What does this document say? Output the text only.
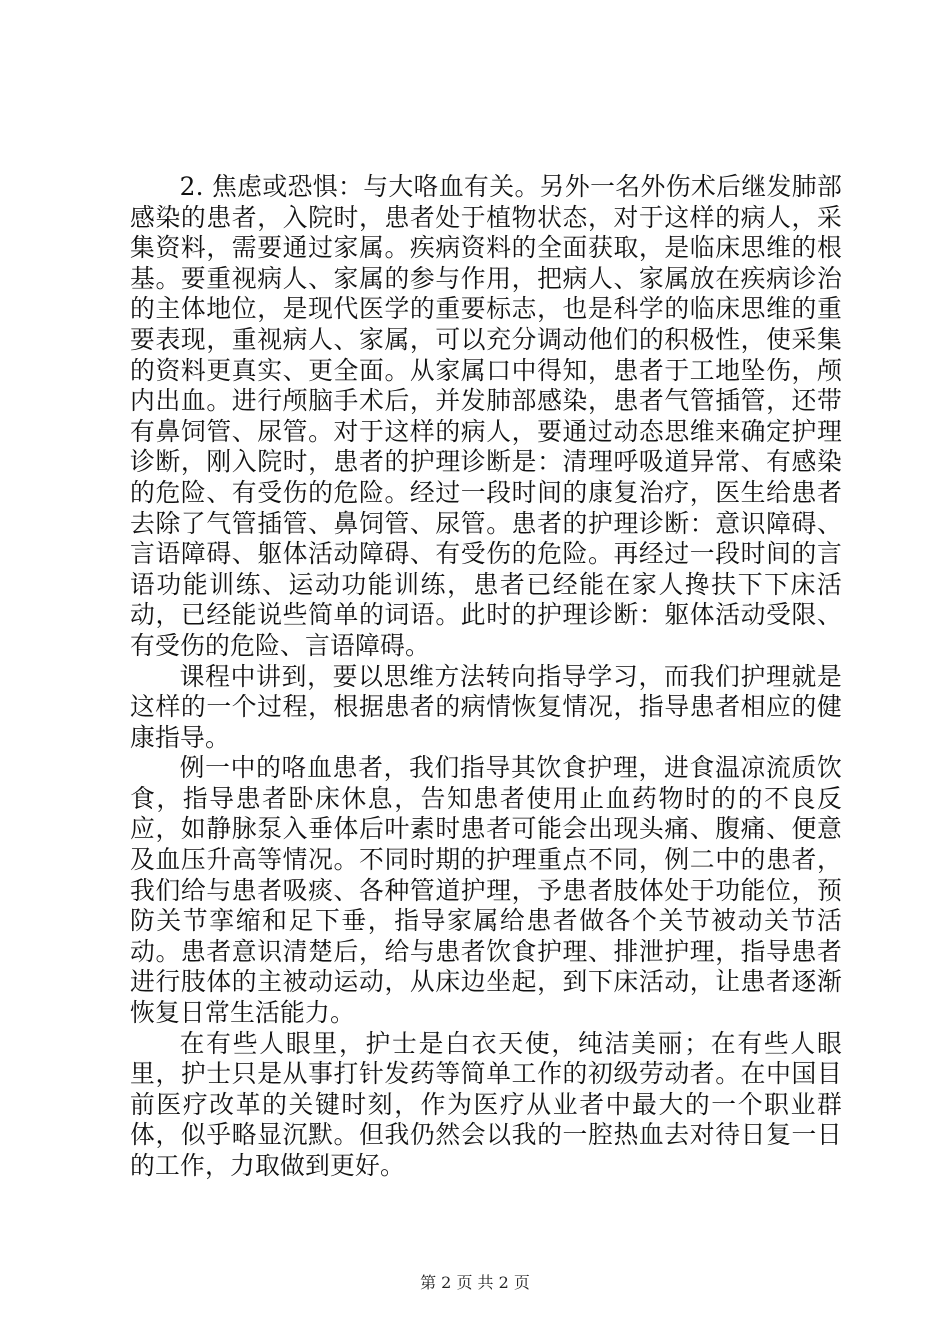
2. 焦虑或恐惧：与大咯血有关。另外一名外伤术后继发肺部感染的患者，入院时，患者处于植物状态，对于这样的病人，采集资料，需要通过家属。疾病资料的全面获取，是临床思维的根基。要重视病人、家属的参与作用，把病人、家属放在疾病诊治的主体地位，是现代医学的重要标志，也是科学的临床思维的重要表现，重视病人、家属，可以充分调动他们的积极性，使采集的资料更真实、更全面。从家属口中得知，患者于工地坠伤，颅内出血。进行颅脑手术后，并发肺部感染，患者气管插管，还带有鼻饲管、尿管。对于这样的病人，要通过动态思维来确定护理诊断，刚入院时，患者的护理诊断是：清理呼吸道异常、有感染的危险、有受伤的危险。经过一段时间的康复治疗，医生给患者去除了气管插管、鼻饲管、尿管。患者的护理诊断：意识障碍、言语障碍、躯体活动障碍、有受伤的危险。再经过一段时间的言语功能训练、运动功能训练，患者已经能在家人搀扶下下床活动，已经能说些简单的词语。此时的护理诊断：躯体活动受限、有受伤的危险、言语障碍。

课程中讲到，要以思维方法转向指导学习，而我们护理就是这样的一个过程，根据患者的病情恢复情况，指导患者相应的健康指导。

例一中的咯血患者，我们指导其饮食护理，进食温凉流质饮食，指导患者卧床休息，告知患者使用止血药物时的的不良反应，如静脉泵入垂体后叶素时患者可能会出现头痛、腹痛、便意及血压升高等情况。不同时期的护理重点不同，例二中的患者，我们给与患者吸痰、各种管道护理，予患者肢体处于功能位，预防关节挛缩和足下垂，指导家属给患者做各个关节被动关节活动。患者意识清楚后，给与患者饮食护理、排泄护理，指导患者进行肢体的主被动运动，从床边坐起，到下床活动，让患者逐渐恢复日常生活能力。

在有些人眼里，护士是白衣天使，纯洁美丽；在有些人眼里，护士只是从事打针发药等简单工作的初级劳动者。在中国目前医疗改革的关键时刻，作为医疗从业者中最大的一个职业群体，似乎略显沉默。但我仍然会以我的一腔热血去对待日复一日的工作，力取做到更好。

第 2 页 共 2 页
